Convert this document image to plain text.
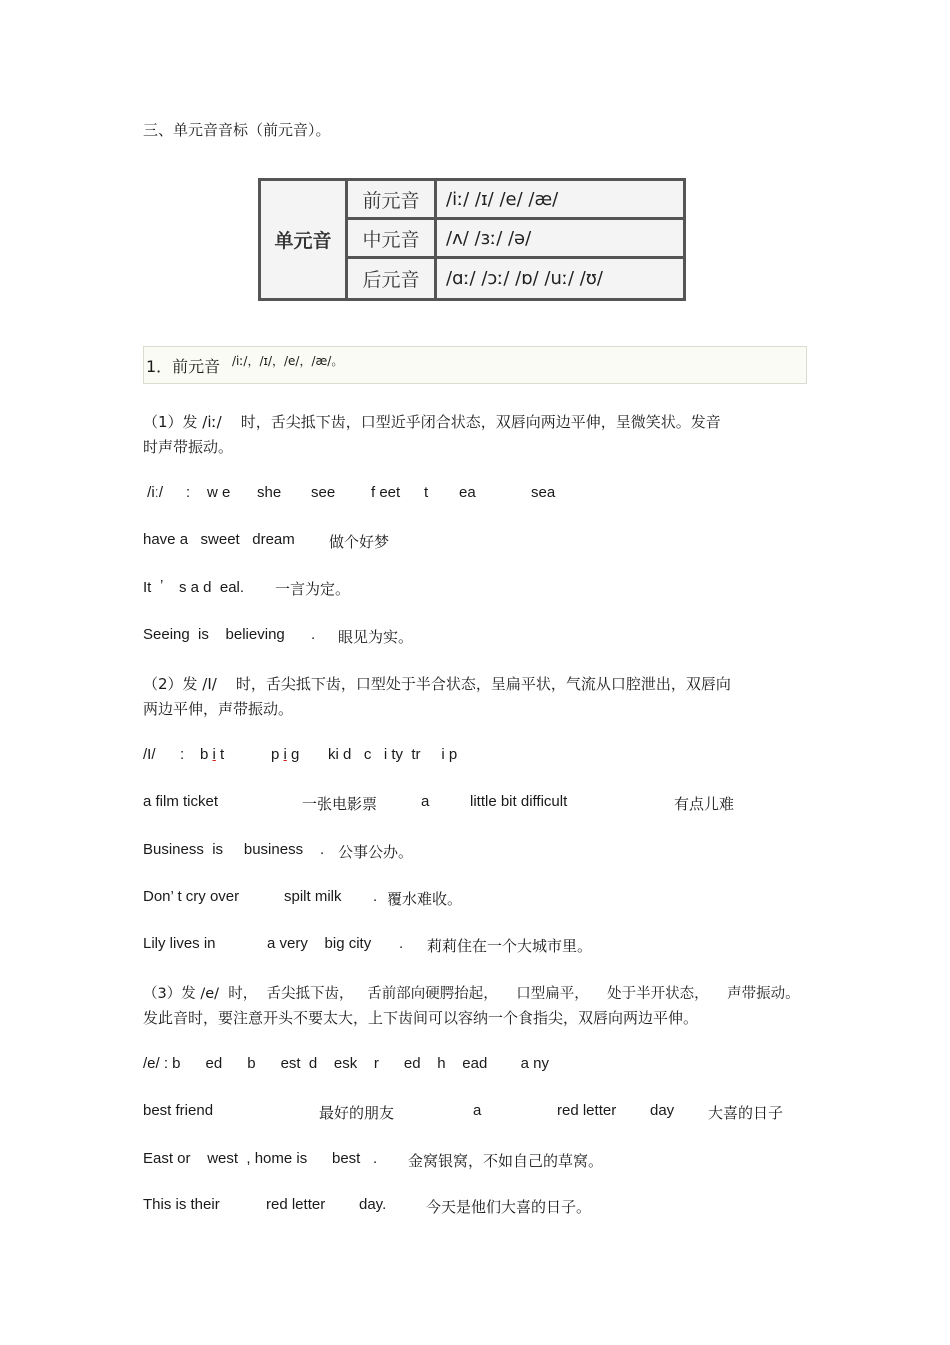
三、单元音音标（前元音）。
单元音
前元音	/iː/ /ɪ/ /e/ /æ/
中元音	/ʌ/ /ɜː/ /ə/
后元音	/ɑː/ /ɔː/ /ɒ/ /uː/ /ʊ/
1．前元音 /iː/，/ɪ/，/e/，/æ/。
（1）发 /iː/    时，舌尖抵下齿，口型近乎闭合状态，双唇向两边平伸，呈微笑状。发音
时声带振动。
/iː/ : w e she see f eet t ea	sea
have a   sweet   dream 做个好梦
It ’ s a d  eal. 一言为定。
Seeing  is    believing . 眼见为实。
（2）发 /I/    时，舌尖抵下齿，口型处于半合状态，呈扁平状，气流从口腔泄出，双唇向
两边平伸，声带振动。
/I/ : b i t	p i g ki d   c   i ty  tr     i p
a film ticket	一张电影票	a	little bit difficult	有点儿难
Business  is     business . 公事公办。
Don’ t cry over	spilt milk . 覆水难收。
Lily lives in	a very    big city . 莉莉住在一个大城市里。
（3）发 /e/  时，  舌尖抵下齿，   舌前部向硬腭抬起，    口型扁平，    处于半开状态，    声带振动。
发此音时，要注意开头不要太大，上下齿间可以容纳一个食指尖，双唇向两边平伸。
/e/ : b      ed      b      est  d    esk    r      ed    h    ead        a ny
best friend	最好的朋友	a	red letter day 大喜的日子
East or    west  , home is best . 金窝银窝，不如自己的草窝。
This is their	red letter day.	今天是他们大喜的日子。
